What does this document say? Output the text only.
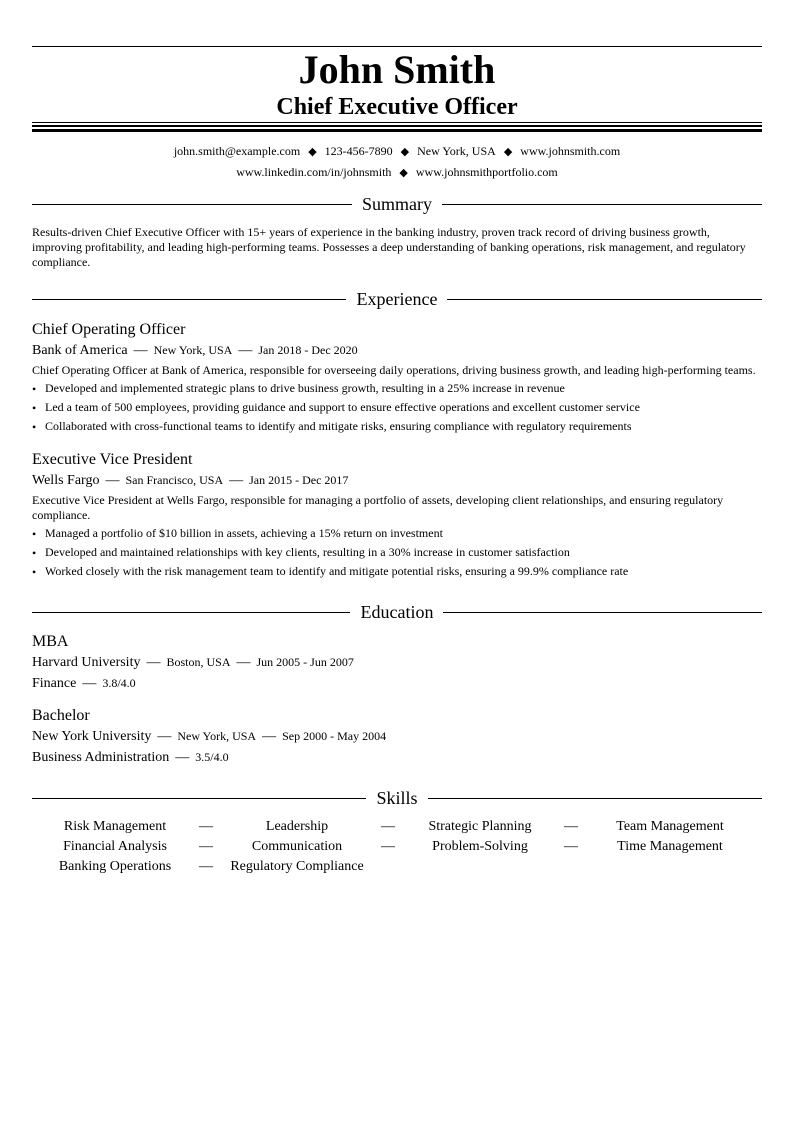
John Smith
Chief Executive Officer
john.smith@example.com ◆ 123-456-7890 ◆ New York, USA ◆ www.johnsmith.com
www.linkedin.com/in/johnsmith ◆ www.johnsmithportfolio.com
Summary
Results-driven Chief Executive Officer with 15+ years of experience in the banking industry, proven track record of driving business growth, improving profitability, and leading high-performing teams. Possesses a deep understanding of banking operations, risk management, and regulatory compliance.
Experience
Chief Operating Officer
Bank of America — New York, USA — Jan 2018 - Dec 2020
Chief Operating Officer at Bank of America, responsible for overseeing daily operations, driving business growth, and leading high-performing teams.
• Developed and implemented strategic plans to drive business growth, resulting in a 25% increase in revenue
• Led a team of 500 employees, providing guidance and support to ensure effective operations and excellent customer service
• Collaborated with cross-functional teams to identify and mitigate risks, ensuring compliance with regulatory requirements
Executive Vice President
Wells Fargo — San Francisco, USA — Jan 2015 - Dec 2017
Executive Vice President at Wells Fargo, responsible for managing a portfolio of assets, developing client relationships, and ensuring regulatory compliance.
• Managed a portfolio of $10 billion in assets, achieving a 15% return on investment
• Developed and maintained relationships with key clients, resulting in a 30% increase in customer satisfaction
• Worked closely with the risk management team to identify and mitigate potential risks, ensuring a 99.9% compliance rate
Education
MBA
Harvard University — Boston, USA — Jun 2005 - Jun 2007
Finance — 3.8/4.0
Bachelor
New York University — New York, USA — Sep 2000 - May 2004
Business Administration — 3.5/4.0
Skills
Risk Management	—	Leadership	—	Strategic Planning	—	Team Management
Financial Analysis	—	Communication	—	Problem-Solving	—	Time Management
Banking Operations	—	Regulatory Compliance
